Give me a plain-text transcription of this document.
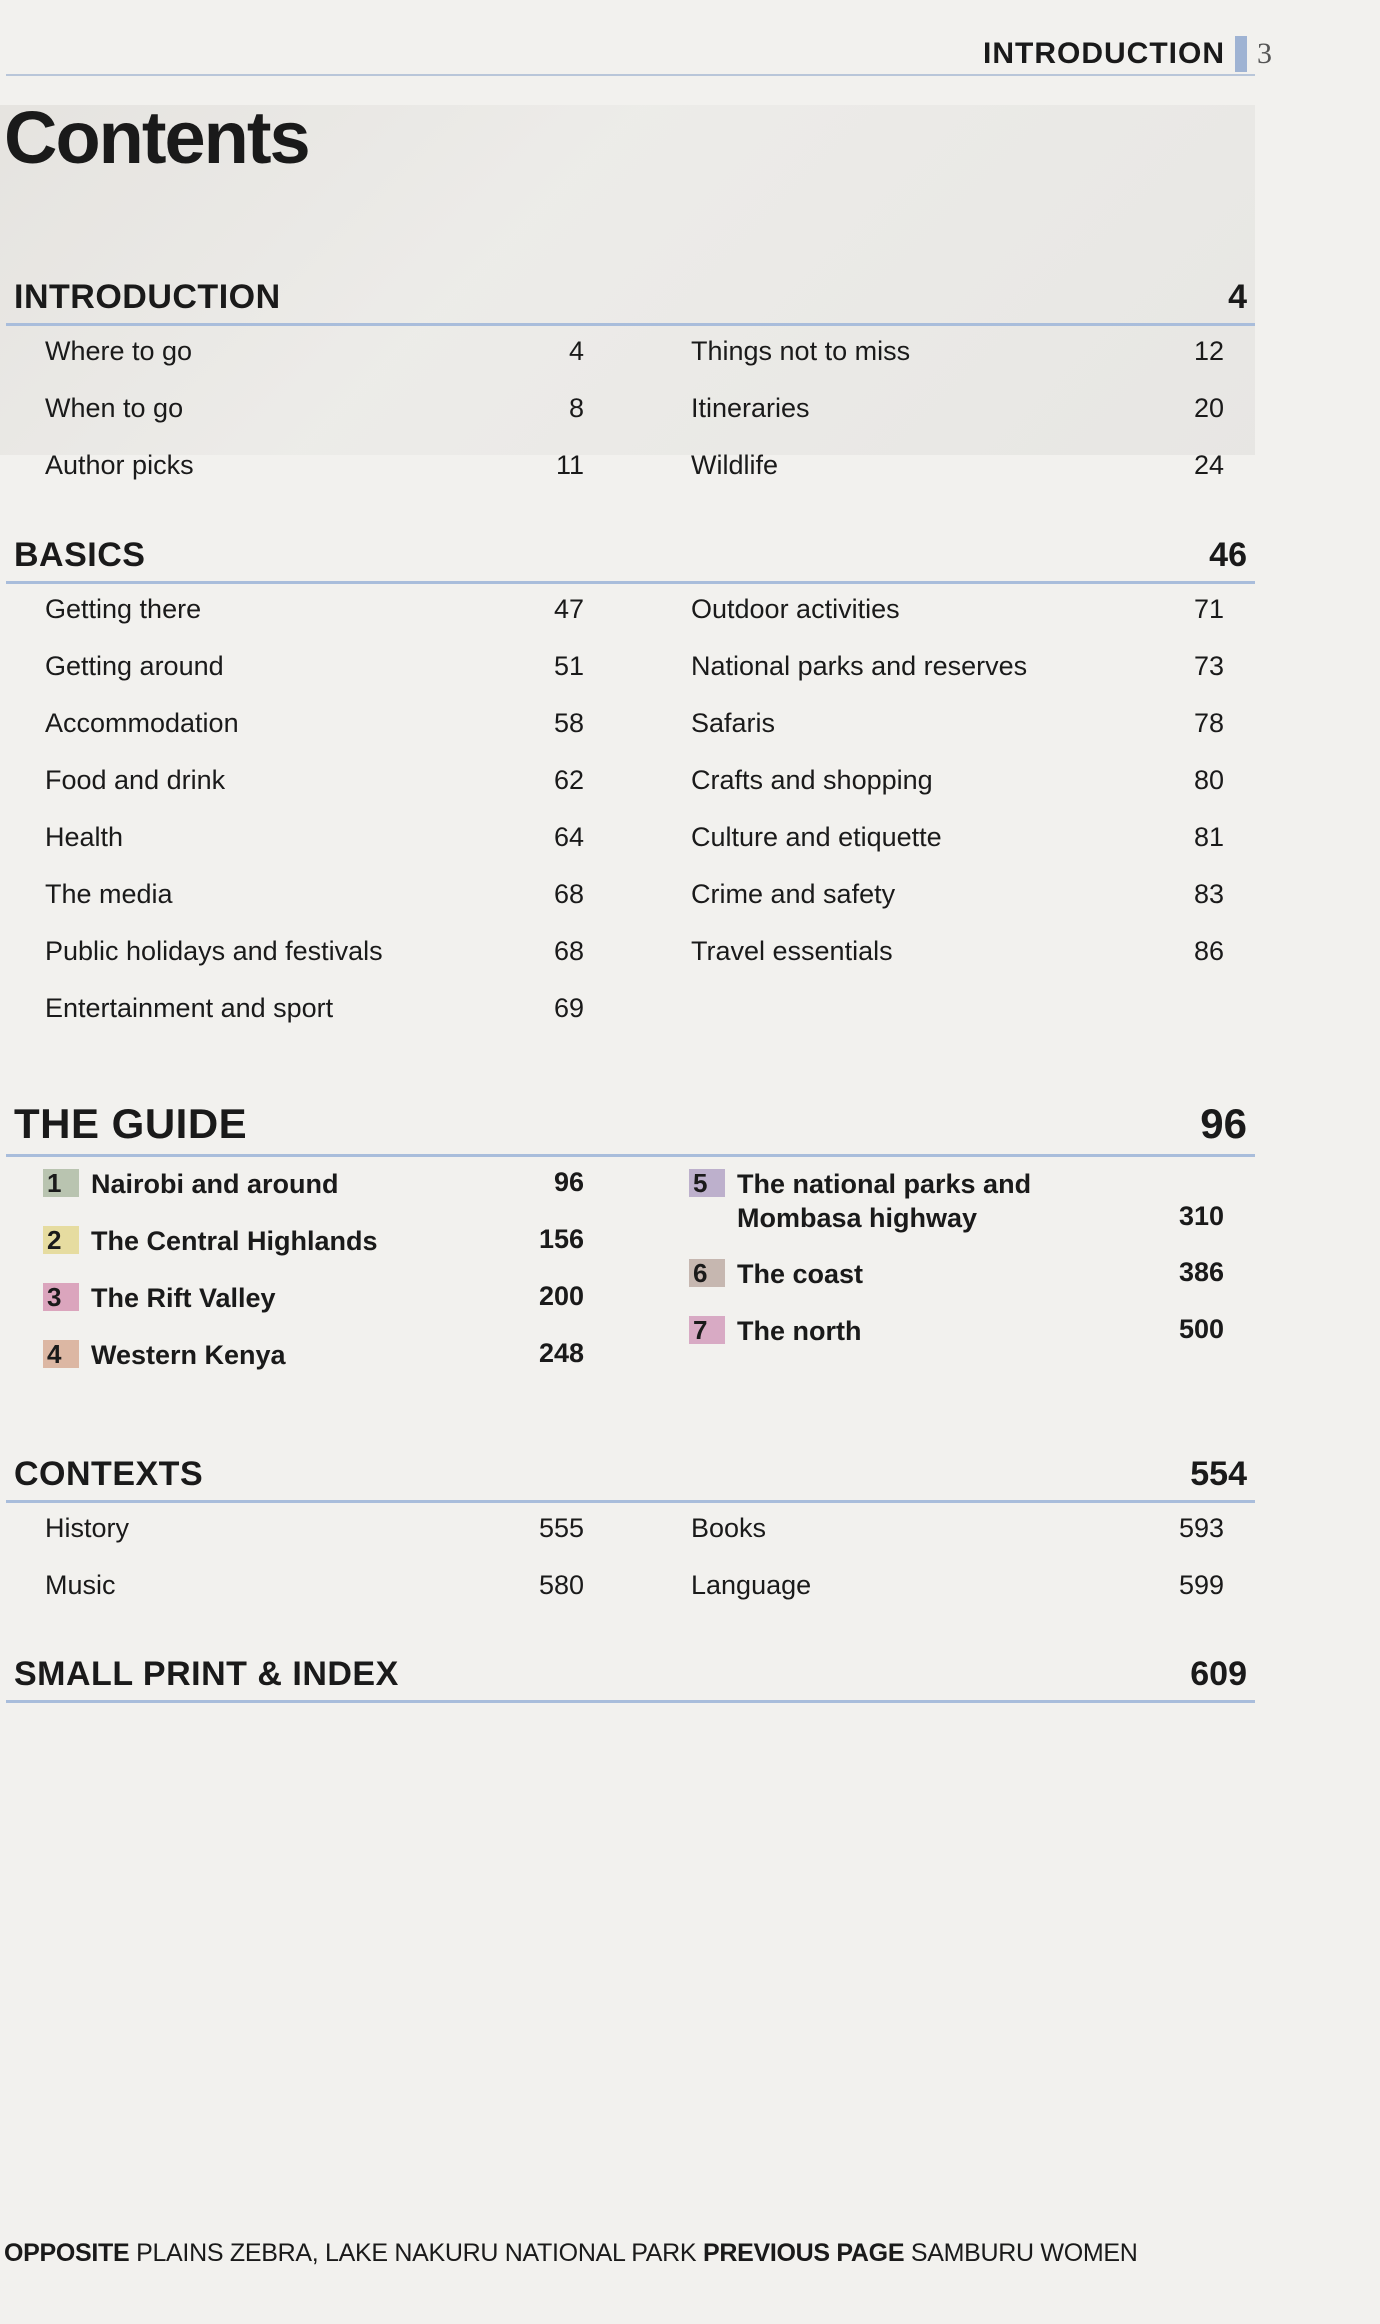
INTRODUCTION 3
Contents
INTRODUCTION	4
Where to go	4
When to go	8
Author picks	11
Things not to miss	12
Itineraries	20
Wildlife	24
BASICS	46
Getting there	47
Getting around	51
Accommodation	58
Food and drink	62
Health	64
The media	68
Public holidays and festivals	68
Entertainment and sport	69
Outdoor activities	71
National parks and reserves	73
Safaris	78
Crafts and shopping	80
Culture and etiquette	81
Crime and safety	83
Travel essentials	86
THE GUIDE	96
1	Nairobi and around	96
2	The Central Highlands	156
3	The Rift Valley	200
4	Western Kenya	248
5	The national parks and
Mombasa highway	310
6	The coast	386
7	The north	500
CONTEXTS	554
History	555
Music	580
Books	593
Language	599
SMALL PRINT & INDEX	609
OPPOSITE PLAINS ZEBRA, LAKE NAKURU NATIONAL PARK PREVIOUS PAGE SAMBURU WOMEN
